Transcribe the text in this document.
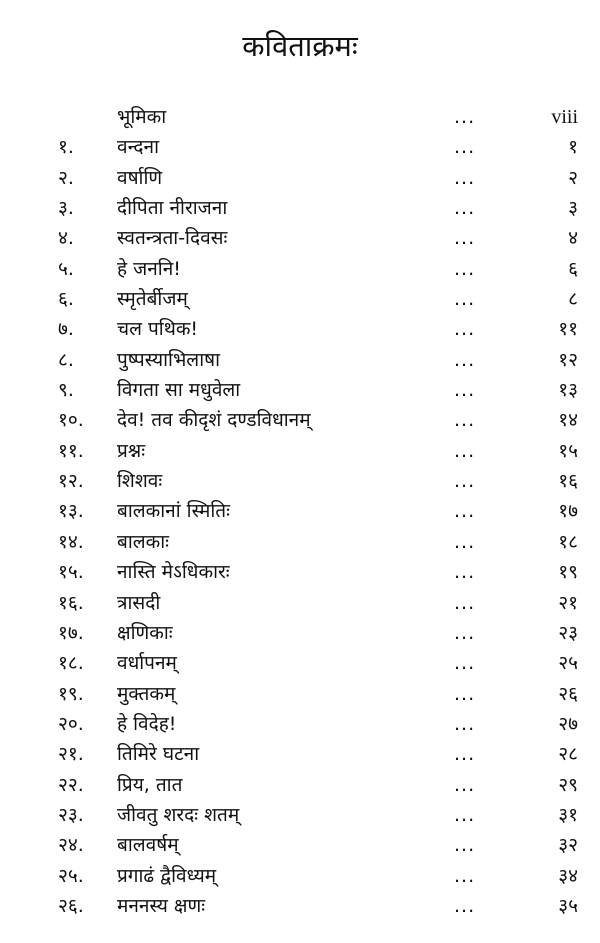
कविताक्रमः
भूमिका	...	viii
१. वन्दना	...	१
२. वर्षाणि	...	२
३. दीपिता नीराजना	...	३
४. स्वतन्त्रता-दिवसः	...	४
५. हे जननि!	...	६
६. स्मृतेर्बीजम्	...	८
७. चल पथिक!	...	११
८. पुष्पस्याभिलाषा	...	१२
९. विगता सा मधुवेला	...	१३
१०. देव! तव कीदृशं दण्डविधानम्	...	१४
११. प्रश्नः	...	१५
१२. शिशवः	...	१६
१३. बालकानां स्मितिः	...	१७
१४. बालकाः	...	१८
१५. नास्ति मेऽधिकारः	...	१९
१६. त्रासदी	...	२१
१७. क्षणिकाः	...	२३
१८. वर्धापनम्	...	२५
१९. मुक्तकम्	...	२६
२०. हे विदेह!	...	२७
२१. तिमिरे घटना	...	२८
२२. प्रिय, तात	...	२९
२३. जीवतु शरदः शतम्	...	३१
२४. बालवर्षम्	...	३२
२५. प्रगाढं द्वैविध्यम्	...	३४
२६. मननस्य क्षणः	...	३५
